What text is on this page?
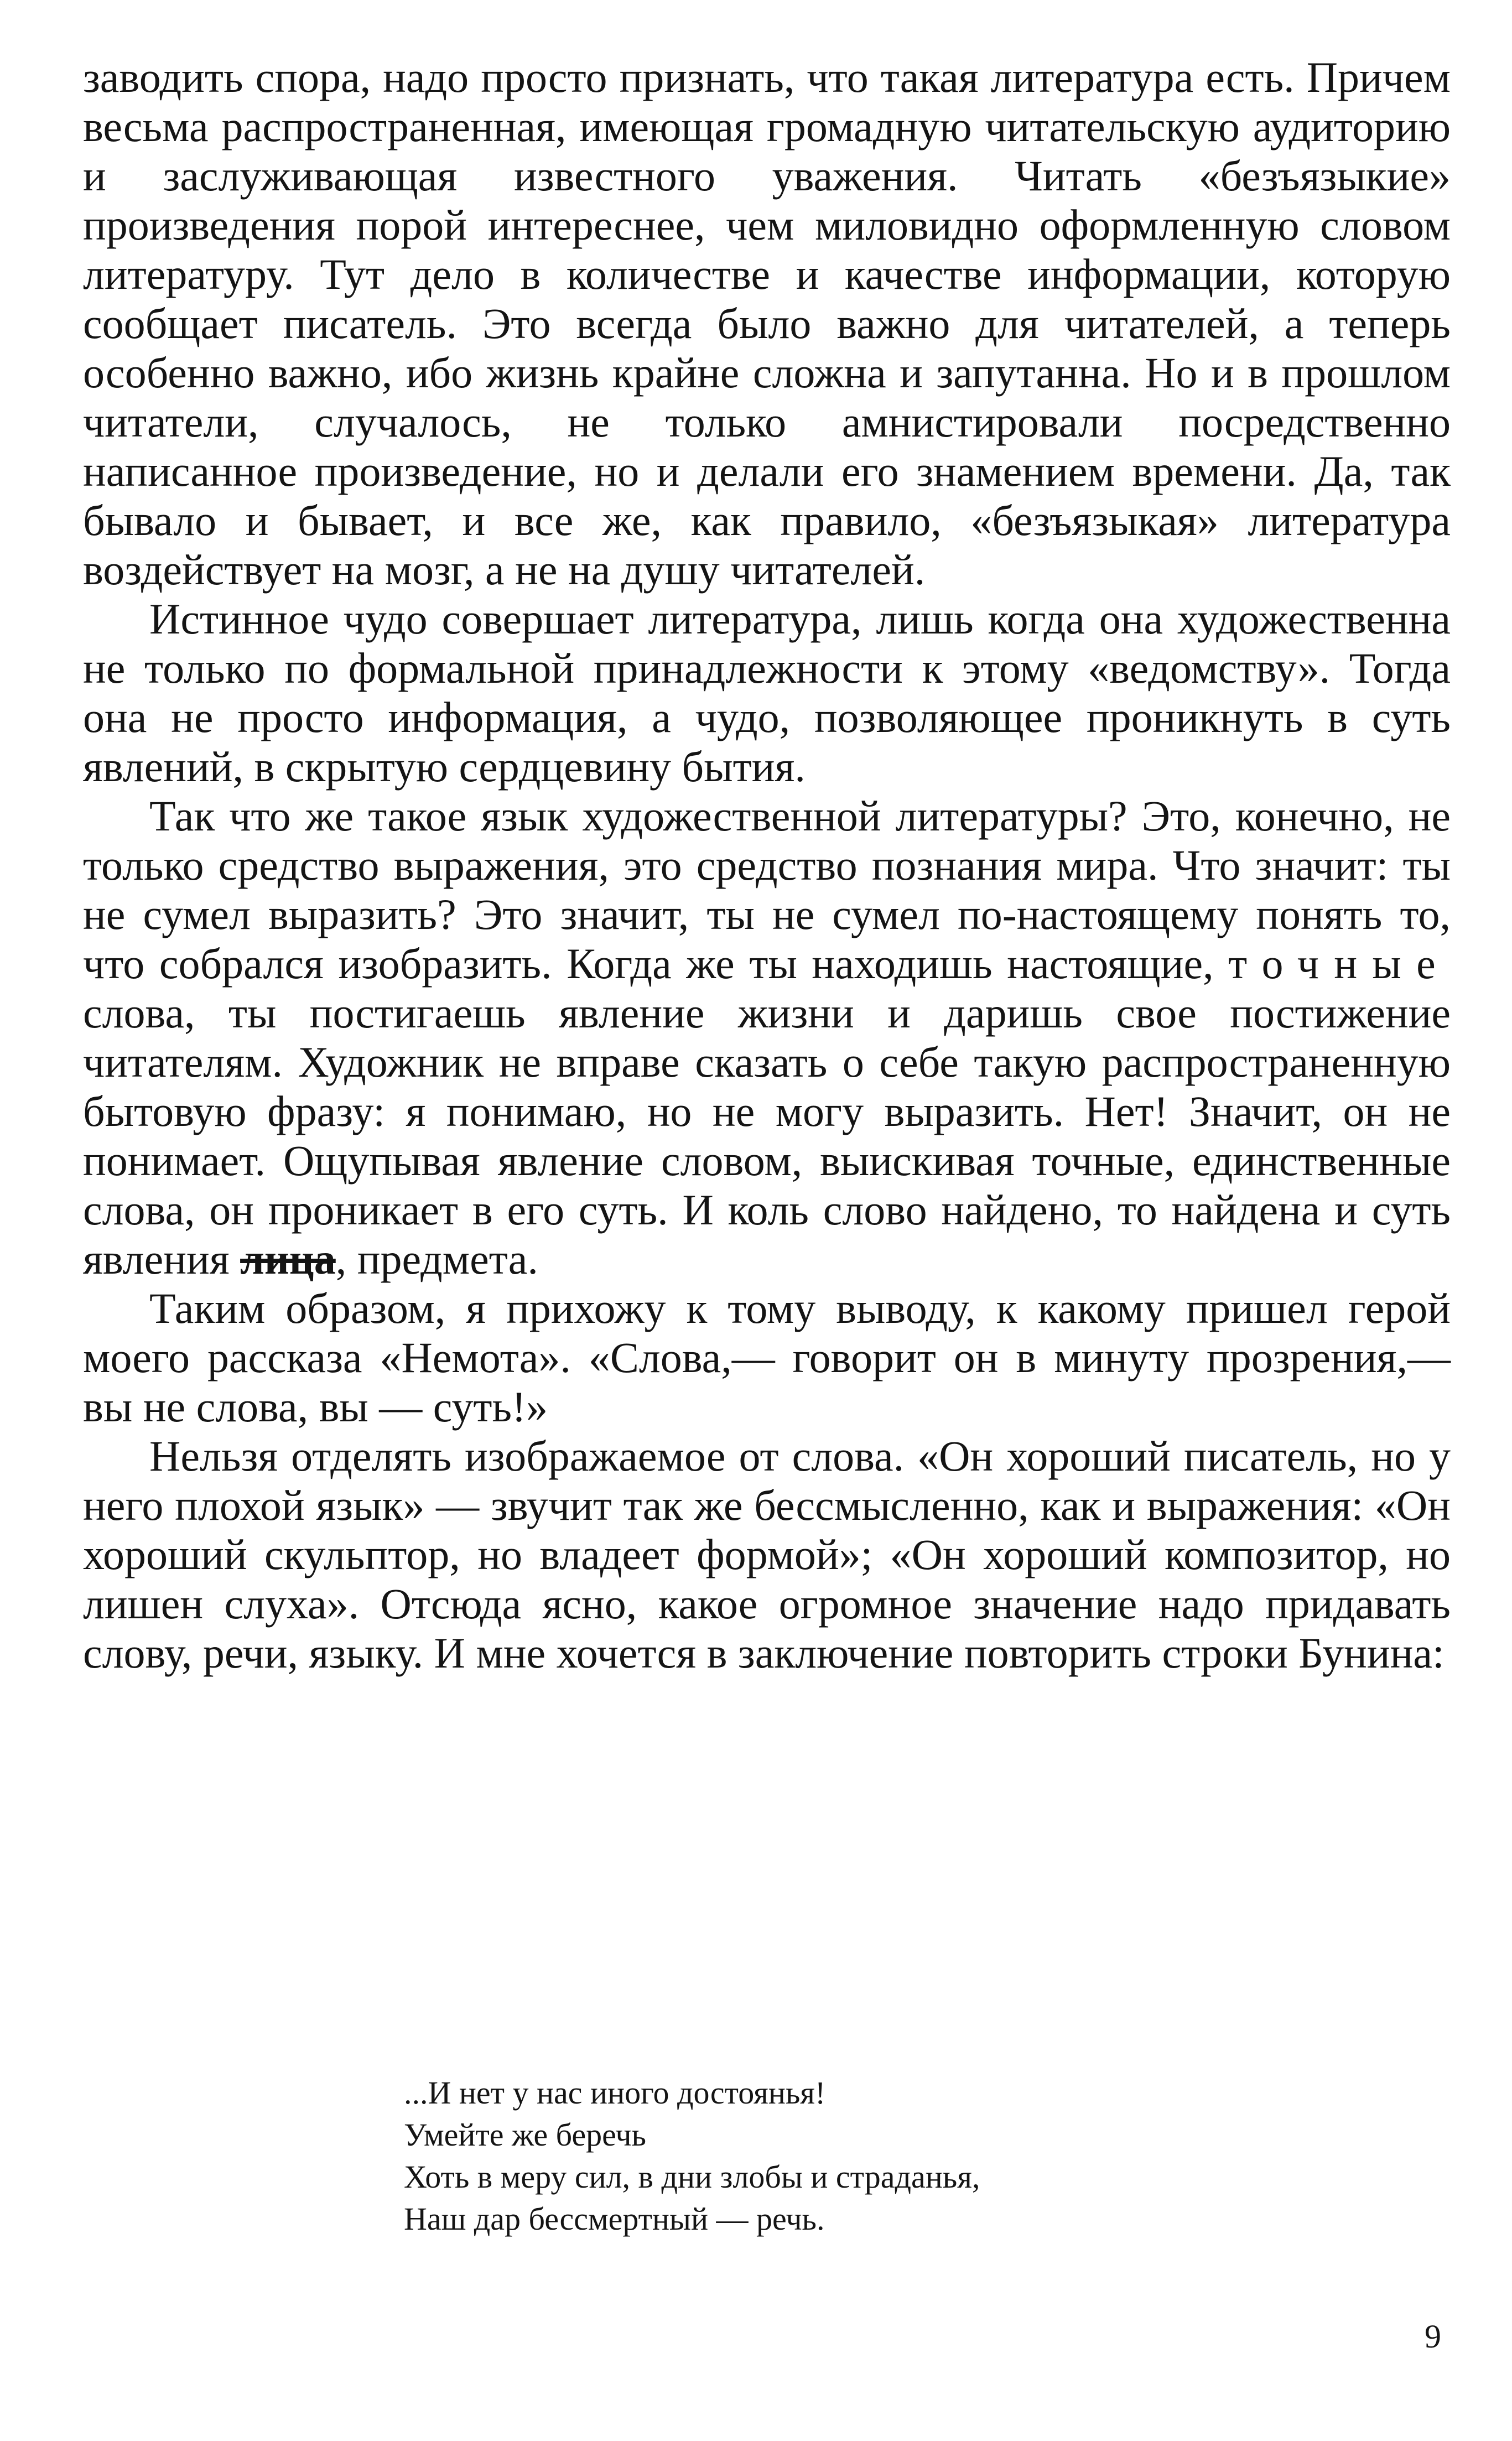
заводить спора, надо просто признать, что такая литература есть. Причем весьма распространенная, имеющая громадную читательскую аудиторию и заслуживающая известного уважения. Читать «безъязыкие» произведения порой интереснее, чем миловидно оформленную словом литературу. Тут дело в количестве и качестве информации, которую сообщает писатель. Это всегда было важно для читателей, а теперь особенно важно, ибо жизнь крайне сложна и запутанна. Но и в прошлом читатели, случалось, не только амнистировали посредственно написанное произведение, но и делали его знамением времени. Да, так бывало и бывает, и все же, как правило, «безъязыкая» литература воздействует на мозг, а не на душу читателей.

Истинное чудо совершает литература, лишь когда она художественна не только по формальной принадлежности к этому «ведомству». Тогда она не просто информация, а чудо, позволяющее проникнуть в суть явлений, в скрытую сердцевину бытия.

Так что же такое язык художественной литературы? Это, конечно, не только средство выражения, это средство познания мира. Что значит: ты не сумел выразить? Это значит, ты не сумел по-настоящему понять то, что собрался изобразить. Когда же ты находишь настоящие, точные слова, ты постигаешь явление жизни и даришь свое постижение читателям. Художник не вправе сказать о себе такую распространенную бытовую фразу: я понимаю, но не могу выразить. Нет! Значит, он не понимает. Ощупывая явление словом, выискивая точные, единственные слова, он проникает в его суть. И коль слово найдено, то найдена и суть явления лица, предмета.

Таким образом, я прихожу к тому выводу, к какому пришел герой моего рассказа «Немота». «Слова,— говорит он в минуту прозрения,— вы не слова, вы — суть!»

Нельзя отделять изображаемое от слова. «Он хороший писатель, но у него плохой язык» — звучит так же бессмысленно, как и выражения: «Он хороший скульптор, но владеет формой»; «Он хороший композитор, но лишен слуха». Отсюда ясно, какое огромное значение надо придавать слову, речи, языку. И мне хочется в заключение повторить строки Бунина:

...И нет у нас иного достоянья!
Умейте же беречь
Хоть в меру сил, в дни злобы и страданья,
Наш дар бессмертный — речь.
9
